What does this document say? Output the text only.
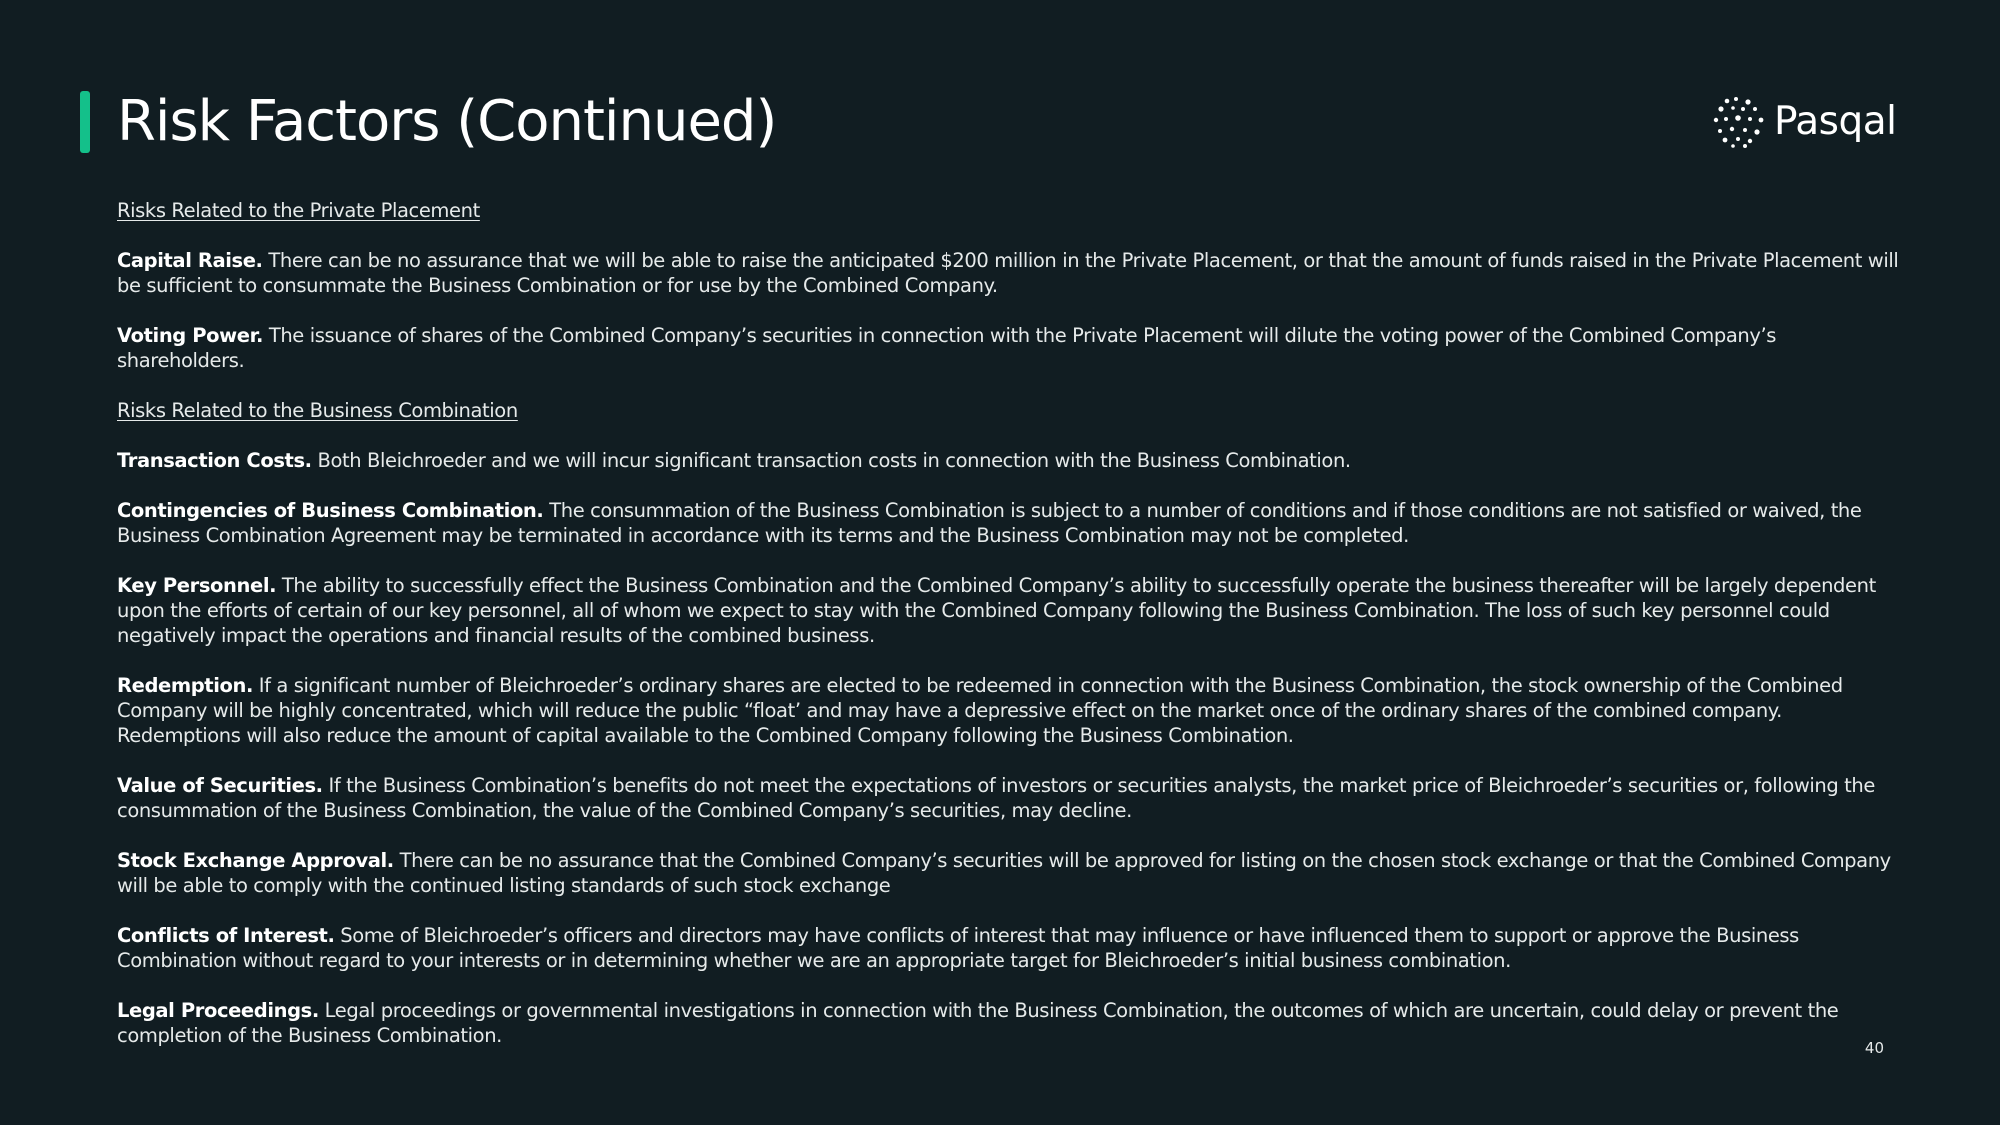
Risk Factors (Continued)	Pasqal

Risks Related to the Private Placement

Capital Raise. There can be no assurance that we will be able to raise the anticipated $200 million in the Private Placement, or that the amount of funds raised in the Private Placement will be sufficient to consummate the Business Combination or for use by the Combined Company.

Voting Power. The issuance of shares of the Combined Company’s securities in connection with the Private Placement will dilute the voting power of the Combined Company’s shareholders.

Risks Related to the Business Combination

Transaction Costs. Both Bleichroeder and we will incur significant transaction costs in connection with the Business Combination.

Contingencies of Business Combination. The consummation of the Business Combination is subject to a number of conditions and if those conditions are not satisfied or waived, the Business Combination Agreement may be terminated in accordance with its terms and the Business Combination may not be completed.

Key Personnel. The ability to successfully effect the Business Combination and the Combined Company’s ability to successfully operate the business thereafter will be largely dependent upon the efforts of certain of our key personnel, all of whom we expect to stay with the Combined Company following the Business Combination. The loss of such key personnel could negatively impact the operations and financial results of the combined business.

Redemption. If a significant number of Bleichroeder’s ordinary shares are elected to be redeemed in connection with the Business Combination, the stock ownership of the Combined Company will be highly concentrated, which will reduce the public “float’ and may have a depressive effect on the market once of the ordinary shares of the combined company. Redemptions will also reduce the amount of capital available to the Combined Company following the Business Combination.

Value of Securities. If the Business Combination’s benefits do not meet the expectations of investors or securities analysts, the market price of Bleichroeder’s securities or, following the consummation of the Business Combination, the value of the Combined Company’s securities, may decline.

Stock Exchange Approval. There can be no assurance that the Combined Company’s securities will be approved for listing on the chosen stock exchange or that the Combined Company will be able to comply with the continued listing standards of such stock exchange

Conflicts of Interest. Some of Bleichroeder’s officers and directors may have conflicts of interest that may influence or have influenced them to support or approve the Business Combination without regard to your interests or in determining whether we are an appropriate target for Bleichroeder’s initial business combination.

Legal Proceedings. Legal proceedings or governmental investigations in connection with the Business Combination, the outcomes of which are uncertain, could delay or prevent the completion of the Business Combination.

40
